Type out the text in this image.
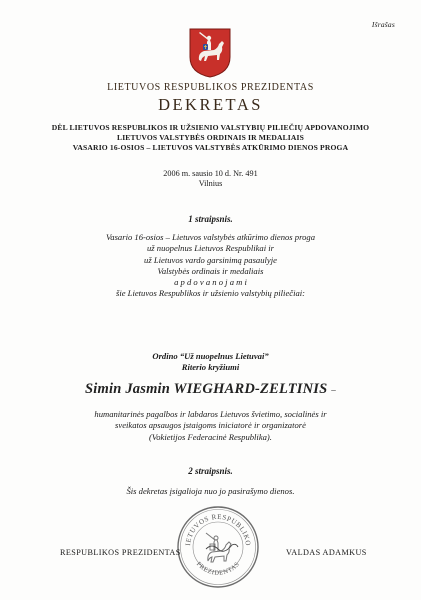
Išrašas
LIETUVOS RESPUBLIKOS PREZIDENTAS
DEKRETAS
DĖL LIETUVOS RESPUBLIKOS IR UŽSIENIO VALSTYBIŲ PILIEČIŲ APDOVANOJIMO
LIETUVOS VALSTYBĖS ORDINAIS IR MEDALIAIS
VASARIO 16-OSIOS – LIETUVOS VALSTYBĖS ATKŪRIMO DIENOS PROGA
2006 m. sausio 10 d. Nr. 491
Vilnius
1 straipsnis.
Vasario 16-osios – Lietuvos valstybės atkūrimo dienos proga
už nuopelnus Lietuvos Respublikai ir
už Lietuvos vardo garsinimą pasaulyje
Valstybės ordinais ir medaliais
a p d o v a n o j a m i
šie Lietuvos Respublikos ir užsienio valstybių piliečiai:
Ordino “Už nuopelnus Lietuvai”
Riterio kryžiumi
Simin Jasmin WIEGHARD-ZELTINIS –
humanitarinės pagalbos ir labdaros Lietuvos švietimo, socialinės ir
sveikatos apsaugos įstaigoms iniciatorė ir organizatorė
(Vokietijos Federacinė Respublika).
2 straipsnis.
Šis dekretas įsigalioja nuo jo pasirašymo dienos.
IETUVOS RESPUBLIKO
PREZIDENTAS
RESPUBLIKOS PREZIDENTAS	VALDAS ADAMKUS
